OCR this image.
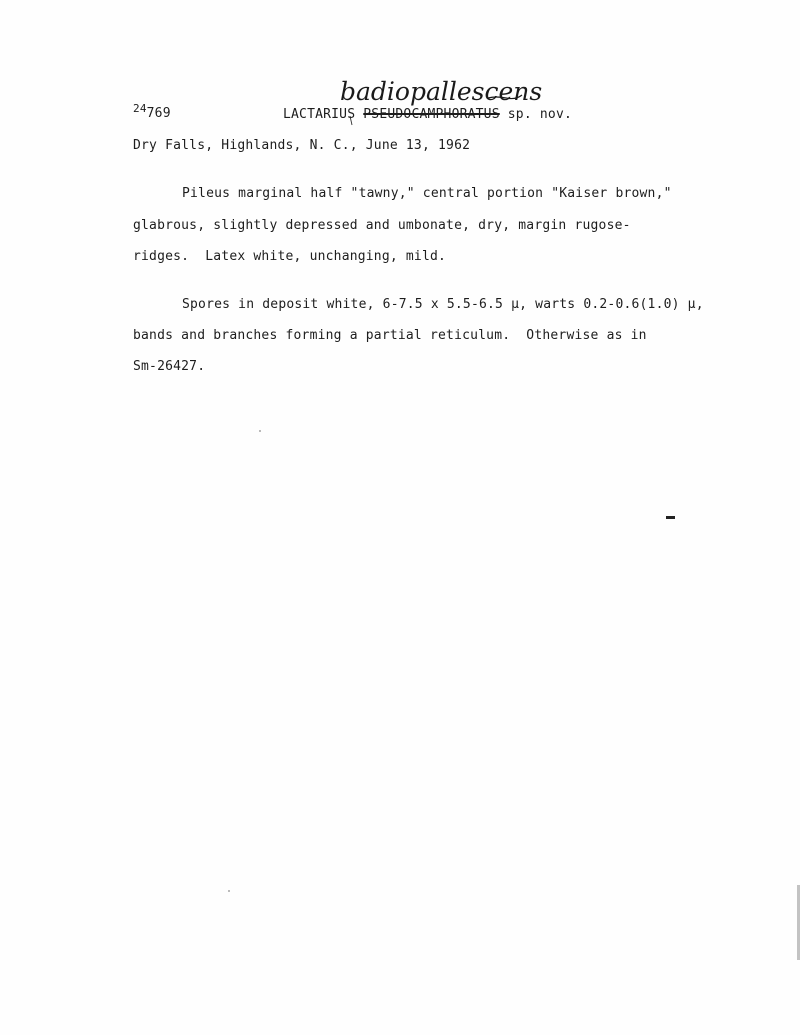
$^{24}$769
badiopallescens
LACTARIUS PSEUDOCAMPHORATUS sp. nov.
Dry Falls, Highlands, N. C., June 13, 1962
Pileus marginal half "tawny," central portion "Kaiser brown,"
glabrous, slightly depressed and umbonate, dry, margin rugose-
ridges.  Latex white, unchanging, mild.
Spores in deposit white, 6-7.5 x 5.5-6.5 μ, warts 0.2-0.6(1.0) μ,
bands and branches forming a partial reticulum.  Otherwise as in
Sm-26427.
